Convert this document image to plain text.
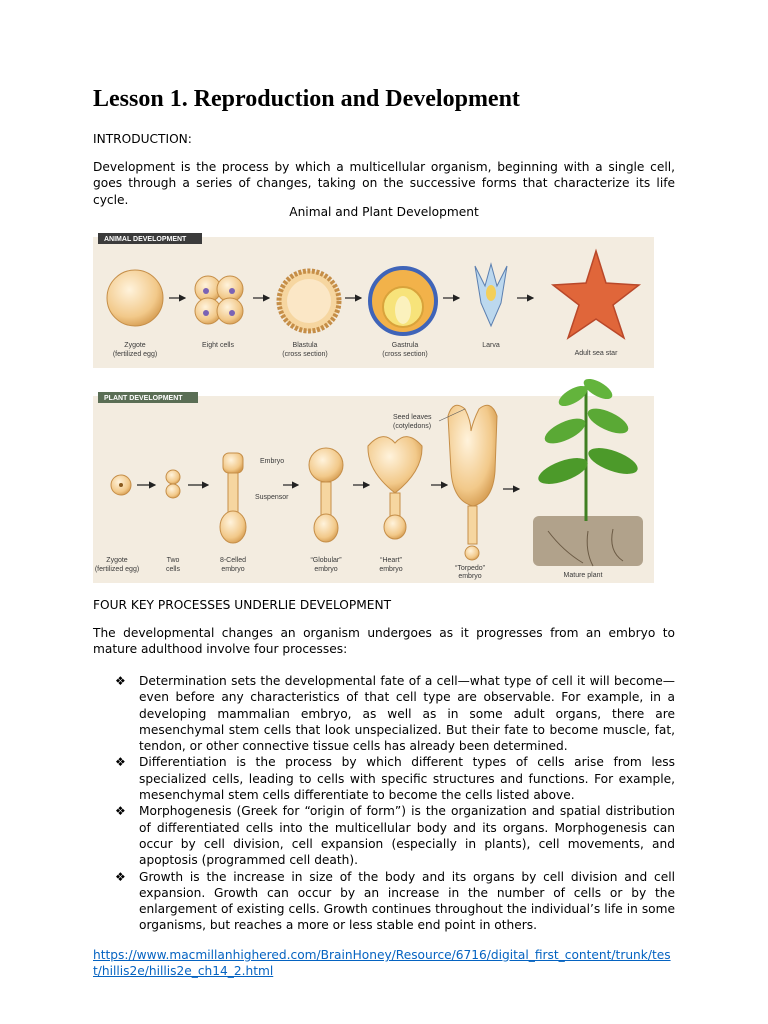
Lesson 1. Reproduction and Development

INTRODUCTION:

Development is the process by which a multicellular organism, beginning with a single cell, goes through a series of changes, taking on the successive forms that characterize its life cycle.

Animal and Plant Development
ANIMAL DEVELOPMENT
Zygote
(fertilized egg)
Eight cells	Blastula
(cross section)
Gastrula
(cross section)
Larva
Adult sea star
PLANT DEVELOPMENT
Embryo
Suspensor
Seed leaves
(cotyledons)
Zygote
(fertilized egg)
Two
cells
8-Celled
embryo
“Globular”
embryo
“Heart”
embryo	“Torpedo”
embryo	Mature plant

FOUR KEY PROCESSES UNDERLIE DEVELOPMENT

The developmental changes an organism undergoes as it progresses from an embryo to mature adulthood involve four processes:

❖ Determination sets the developmental fate of a cell—what type of cell it will become—even before any characteristics of that cell type are observable. For example, in a developing mammalian embryo, as well as in some adult organs, there are mesenchymal stem cells that look unspecialized. But their fate to become muscle, fat, tendon, or other connective tissue cells has already been determined.
❖ Differentiation is the process by which different types of cells arise from less specialized cells, leading to cells with specific structures and functions. For example, mesenchymal stem cells differentiate to become the cells listed above.
❖ Morphogenesis (Greek for “origin of form”) is the organization and spatial distribution of differentiated cells into the multicellular body and its organs. Morphogenesis can occur by cell division, cell expansion (especially in plants), cell movements, and apoptosis (programmed cell death).
❖ Growth is the increase in size of the body and its organs by cell division and cell expansion. Growth can occur by an increase in the number of cells or by the enlargement of existing cells. Growth continues throughout the individual’s life in some organisms, but reaches a more or less stable end point in others.
https://www.macmillanhighered.com/BrainHoney/Resource/6716/digital_first_content/trunk/test/hillis2e/hillis2e_ch14_2.html
